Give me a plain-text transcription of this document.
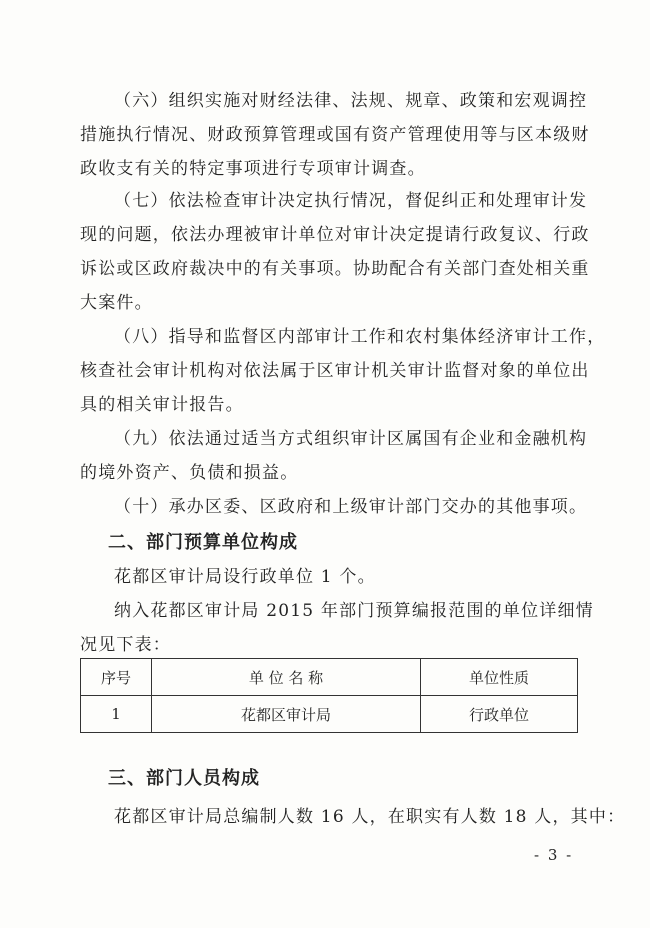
（六）组织实施对财经法律、法规、规章、政策和宏观调控
措施执行情况、财政预算管理或国有资产管理使用等与区本级财
政收支有关的特定事项进行专项审计调查。
（七）依法检查审计决定执行情况，督促纠正和处理审计发
现的问题，依法办理被审计单位对审计决定提请行政复议、行政
诉讼或区政府裁决中的有关事项。协助配合有关部门查处相关重
大案件。
（八）指导和监督区内部审计工作和农村集体经济审计工作，
核查社会审计机构对依法属于区审计机关审计监督对象的单位出
具的相关审计报告。
（九）依法通过适当方式组织审计区属国有企业和金融机构
的境外资产、负债和损益。
（十）承办区委、区政府和上级审计部门交办的其他事项。
二、部门预算单位构成
花都区审计局设行政单位 1 个。
纳入花都区审计局 2015 年部门预算编报范围的单位详细情
况见下表：
序号	单 位 名 称	单位性质
1	花都区审计局	行政单位
三、部门人员构成
花都区审计局总编制人数 16 人，在职实有人数 18 人，其中：
- 3 -
